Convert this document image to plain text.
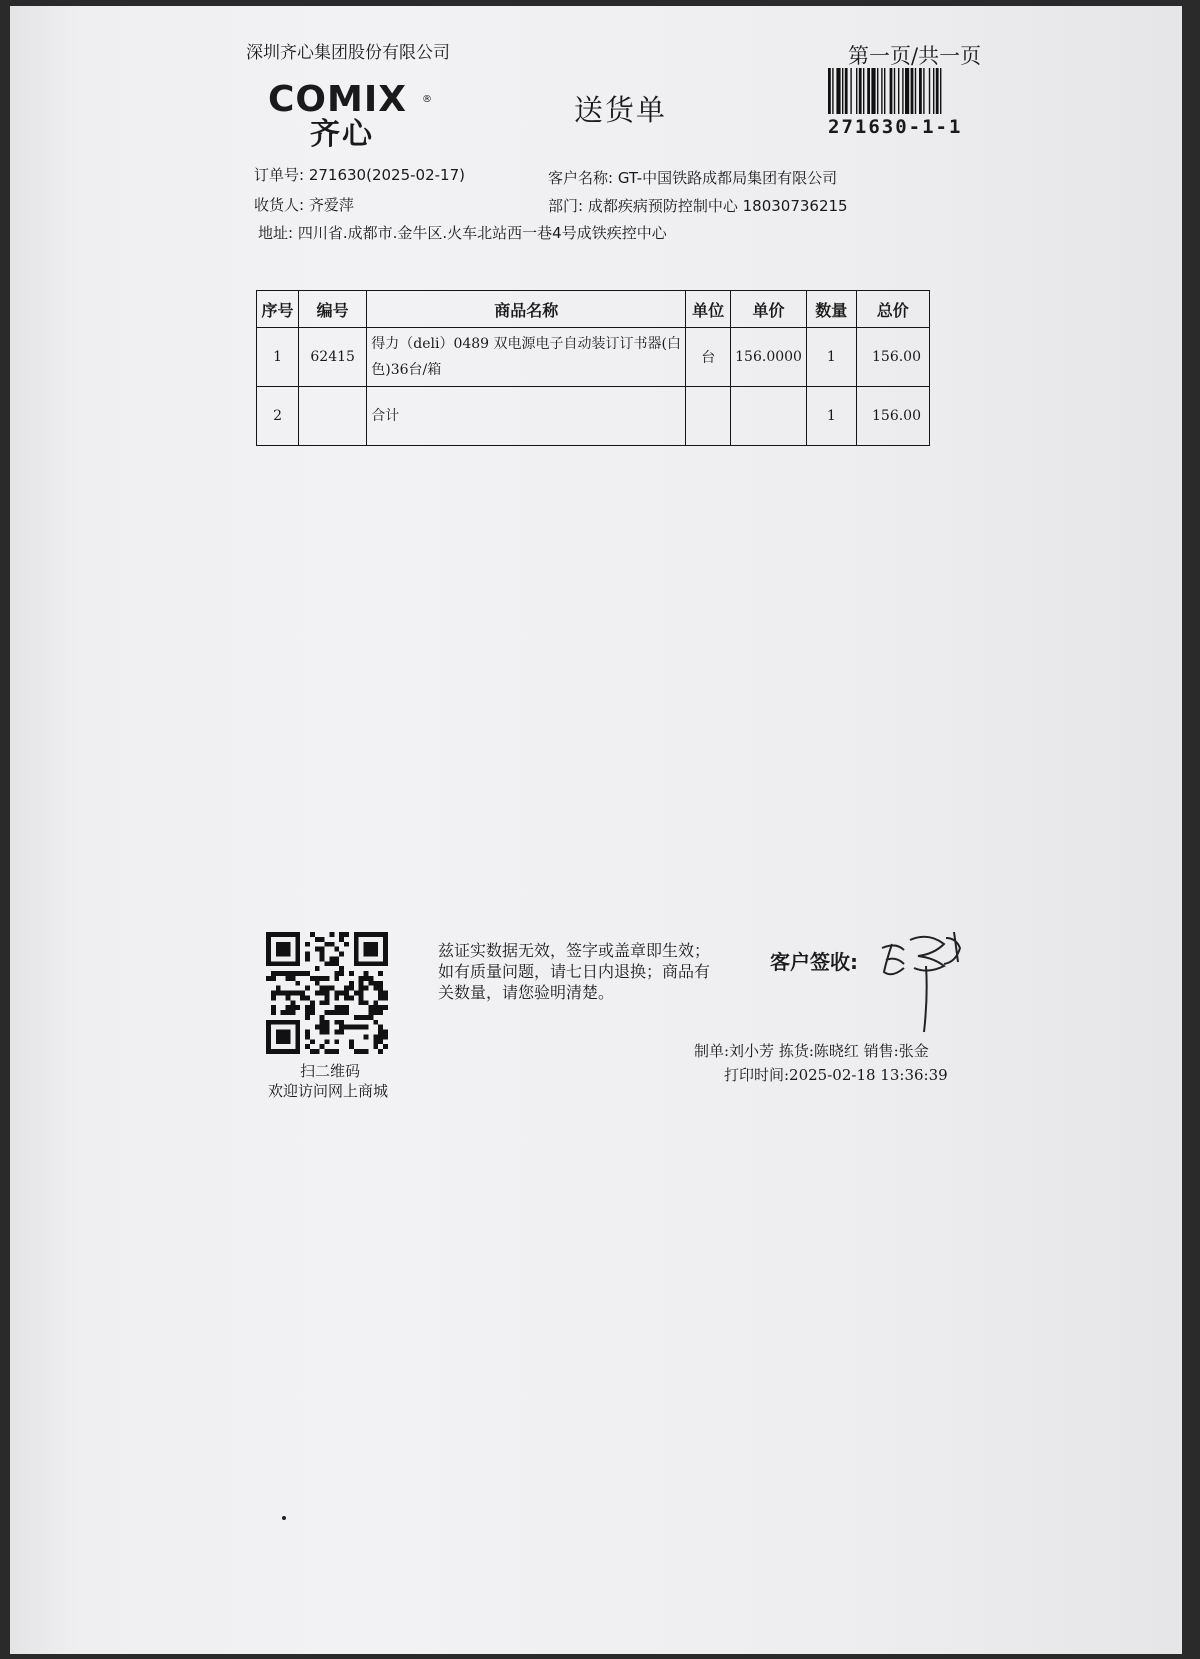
深圳齐心集团股份有限公司	第一页/共一页
COMIX ®
齐心
送货单	271630-1-1
订单号: 271630(2025-02-17)
收货人: 齐爱萍
地址: 四川省.成都市.金牛区.火车北站西一巷4号成铁疾控中心
客户名称: GT-中国铁路成都局集团有限公司
部门: 成都疾病预防控制中心 18030736215
序号	编号	商品名称	单位	单价	数量	总价
1	62415	得力（deli）0489 双电源电子自动装订订书器(白色)36台/箱	台	156.0000	1	156.00
2		合计			1	156.00
扫二维码
欢迎访问网上商城
兹证实数据无效，签字或盖章即生效；如有质量问题，请七日内退换；商品有关数量，请您验明清楚。
客户签收:
制单:刘小芳 拣货:陈晓红 销售:张金
打印时间:2025-02-18 13:36:39
